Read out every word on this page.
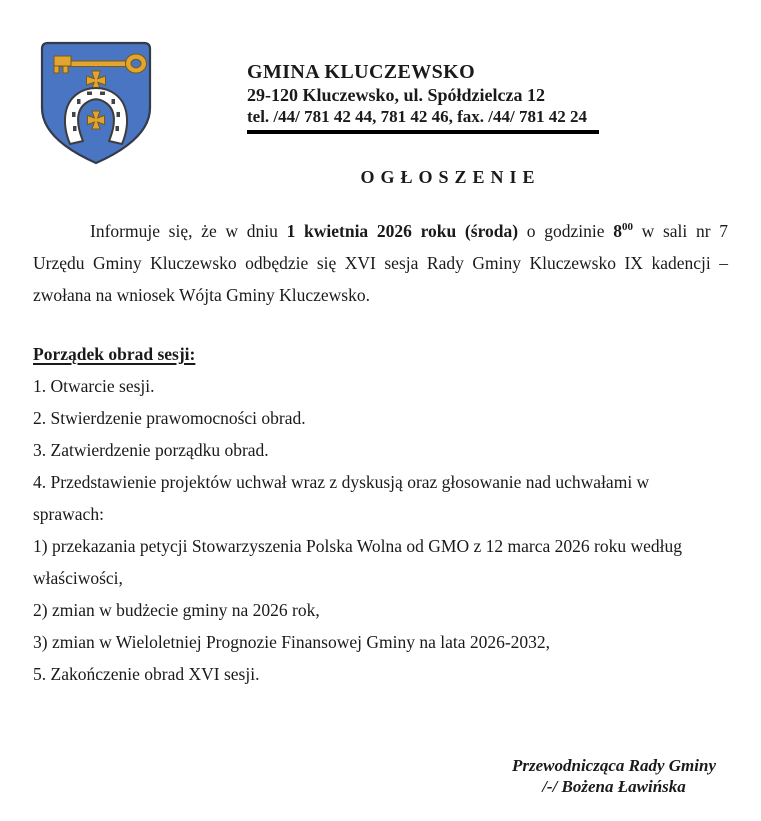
GMINA KLUCZEWSKO
29-120 Kluczewsko, ul. Spółdzielcza 12
tel. /44/ 781 42 44, 781 42 46, fax. /44/ 781 42 24
OGŁOSZENIE
Informuje się, że w dniu 1 kwietnia 2026 roku (środa) o godzinie $8^{00}$ w sali nr 7
Urzędu Gminy Kluczewsko odbędzie się XVI sesja Rady Gminy Kluczewsko IX kadencji –
zwołana na wniosek Wójta Gminy Kluczewsko.
Porządek obrad sesji:
1. Otwarcie sesji.
2. Stwierdzenie prawomocności obrad.
3. Zatwierdzenie porządku obrad.
4. Przedstawienie projektów uchwał wraz z dyskusją oraz głosowanie nad uchwałami w
sprawach:
1) przekazania petycji Stowarzyszenia Polska Wolna od GMO z 12 marca 2026 roku według
właściwości,
2) zmian w budżecie gminy na 2026 rok,
3) zmian w Wieloletniej Prognozie Finansowej Gminy na lata 2026-2032,
5. Zakończenie obrad XVI sesji.
Przewodnicząca Rady Gminy
/-/ Bożena Ławińska
